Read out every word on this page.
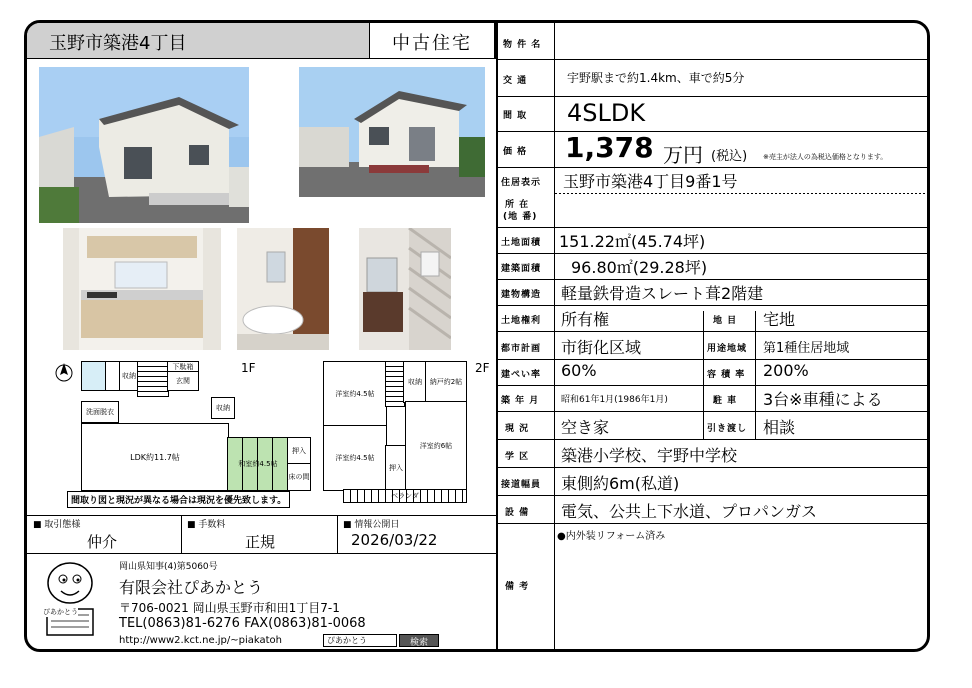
玉野市築港4丁目	中古住宅
1F	2F
収納
下駄箱
玄関
洗面脱衣	収納
LDK約11.7帖
和室約4.5帖
押入
床の間
洋室約4.5帖
収納	納戸約2帖
洋室約4.5帖
押入
洋室約6帖
ベランダ
間取り図と現況が異なる場合は現況を優先致します。
■ 取引態様
仲介
■ 手数料
正規
■ 情報公開日
2026/03/22
ぴあかとう
岡山県知事(4)第5060号
有限会社ぴあかとう
〒706-0021 岡山県玉野市和田1丁目7-1
TEL(0863)81-6276 FAX(0863)81-0068
http://www2.kct.ne.jp/~piakatoh	ぴあかとう	検索
物 件 名
交 通	宇野駅まで約1.4km、車で約5分
間 取 4SLDK
価 格 1,378 万円 (税込) ※売主が法人の為税込価格となります。
住居表示 玉野市築港4丁目9番1号
所 在
(地 番)
土地面積 151.22㎡(45.74坪)
建築面積 96.80㎡(29.28坪)
建物構造 軽量鉄骨造スレート葺2階建
土地権利 所有権	地 目 宅地
都市計画 市街化区域	用途地域 第1種住居地域
建ぺい率 60%	容 積 率 200%
築 年 月 昭和61年1月(1986年1月)	駐 車 3台※車種による
現 況 空き家	引き渡し 相談
学 区 築港小学校、宇野中学校
接道幅員 東側約6m(私道)
設 備 電気、公共上下水道、プロパンガス
備 考
●内外装リフォーム済み
